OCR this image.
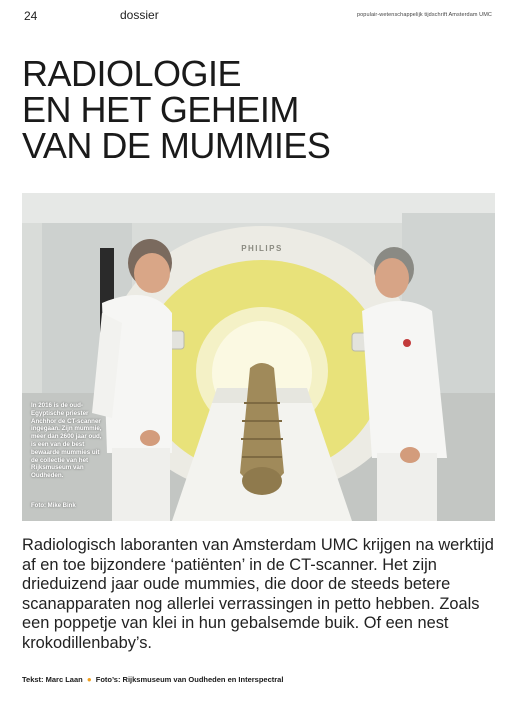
24	dossier	populair-wetenschappelijk tijdschrift Amsterdam UMC
RADIOLOGIE
EN HET GEHEIM
VAN DE MUMMIES
PHILIPS
In 2016 is de oud-Egyptische priester Anchhor de CT-scanner ingegaan. Zijn mummie, meer dan 2600 jaar oud, is een van de best bewaarde mummies uit de collectie van het Rijksmuseum van Oudheden.
Foto: Mike Bink

Radiologisch laboranten van Amsterdam UMC krijgen na werktijd af en toe bijzondere ‘patiënten’ in de CT-scanner. Het zijn drieduizend jaar oude mummies, die door de steeds betere scanapparaten nog allerlei verrassingen in petto hebben. Zoals een poppetje van klei in hun gebalsemde buik. Of een nest krokodillenbaby’s.

Tekst: Marc Laan ● Foto’s: Rijksmuseum van Oudheden en Interspectral
